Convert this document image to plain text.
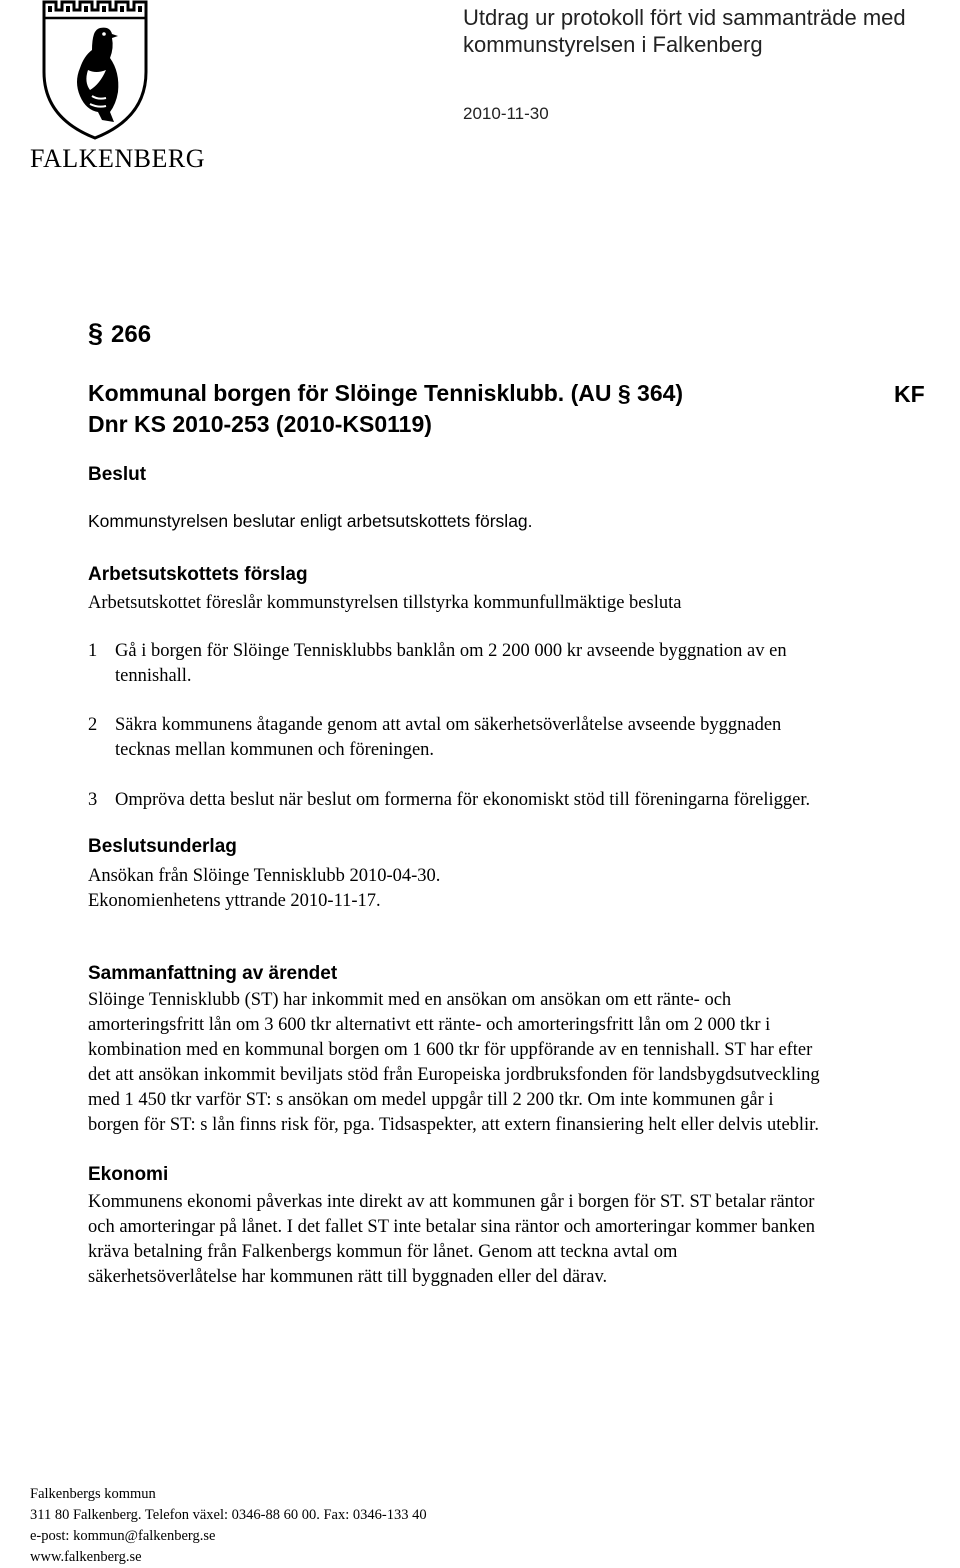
FALKENBERG
Utdrag ur protokoll fört vid sammanträde med
kommunstyrelsen i Falkenberg
2010-11-30
§ 266
Kommunal borgen för Slöinge Tennisklubb. (AU § 364)
Dnr KS 2010-253 (2010-KS0119)
KF
Beslut
Kommunstyrelsen beslutar enligt arbetsutskottets förslag.
Arbetsutskottets förslag
Arbetsutskottet föreslår kommunstyrelsen tillstyrka kommunfullmäktige besluta
1 Gå i borgen för Slöinge Tennisklubbs banklån om 2 200 000 kr avseende byggnation av en
tennishall.
2 Säkra kommunens åtagande genom att avtal om säkerhetsöverlåtelse avseende byggnaden
tecknas mellan kommunen och föreningen.
3 Ompröva detta beslut när beslut om formerna för ekonomiskt stöd till föreningarna föreligger.
Beslutsunderlag
Ansökan från Slöinge Tennisklubb 2010-04-30.
Ekonomienhetens yttrande 2010-11-17.
Sammanfattning av ärendet
Slöinge Tennisklubb (ST) har inkommit med en ansökan om ansökan om ett ränte- och
amorteringsfritt lån om 3 600 tkr alternativt ett ränte- och amorteringsfritt lån om 2 000 tkr i
kombination med en kommunal borgen om 1 600 tkr för uppförande av en tennishall. ST har efter
det att ansökan inkommit beviljats stöd från Europeiska jordbruksfonden för landsbygdsutveckling
med 1 450 tkr varför ST: s ansökan om medel uppgår till 2 200 tkr. Om inte kommunen går i
borgen för ST: s lån finns risk för, pga. Tidsaspekter, att extern finansiering helt eller delvis uteblir.
Ekonomi
Kommunens ekonomi påverkas inte direkt av att kommunen går i borgen för ST. ST betalar räntor
och amorteringar på lånet. I det fallet ST inte betalar sina räntor och amorteringar kommer banken
kräva betalning från Falkenbergs kommun för lånet. Genom att teckna avtal om
säkerhetsöverlåtelse har kommunen rätt till byggnaden eller del därav.
Falkenbergs kommun
311 80 Falkenberg. Telefon växel: 0346-88 60 00. Fax: 0346-133 40
e-post: kommun@falkenberg.se
www.falkenberg.se
